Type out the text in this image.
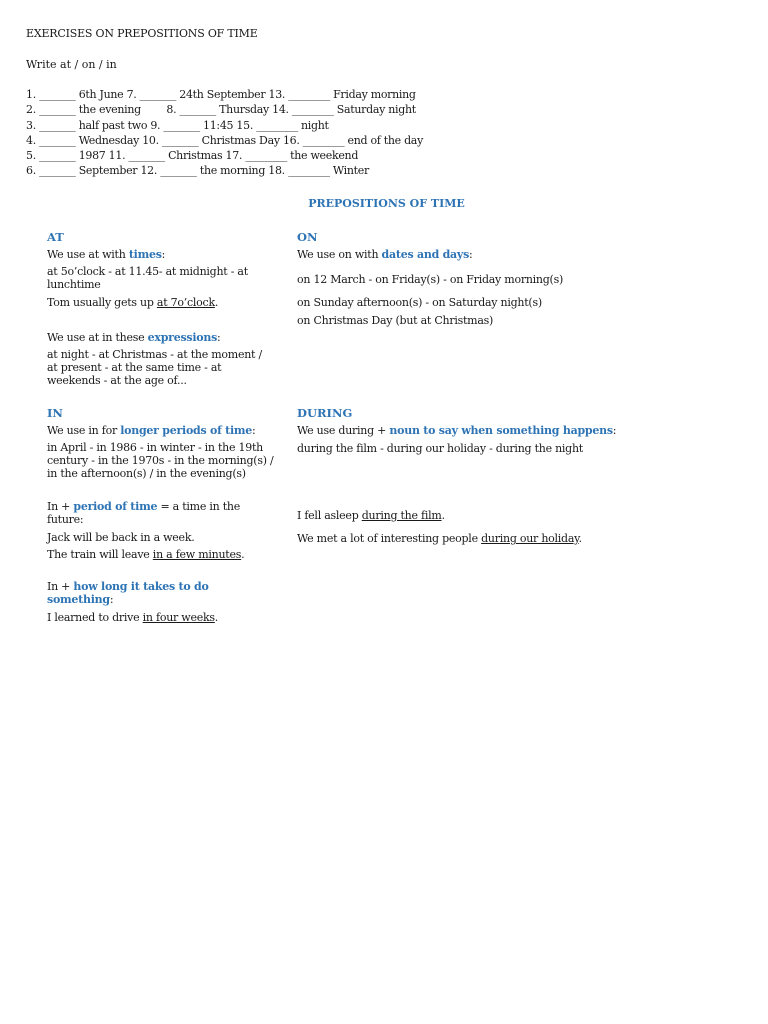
EXERCISES ON PREPOSITIONS OF TIME
Write at / on / in
1. _______ 6th June 7. _______ 24th September 13. ________ Friday morning
2. _______ the evening        8. _______ Thursday 14. ________ Saturday night
3. _______ half past two 9. _______ 11:45 15. ________ night
4. _______ Wednesday 10. _______ Christmas Day 16. ________ end of the day
5. _______ 1987 11. _______ Christmas 17. ________ the weekend
6. _______ September 12. _______ the morning 18. ________ Winter
PREPOSITIONS OF TIME
AT
We use at with times:
at 5o’clock - at 11.45- at midnight - at lunchtime
Tom usually gets up at 7o’clock.
We use at in these expressions:
at night - at Christmas - at the moment / at present - at the same time - at weekends - at the age of...
ON
We use on with dates and days:
on 12 March - on Friday(s) - on Friday morning(s)
on Sunday afternoon(s) - on Saturday night(s)
on Christmas Day (but at Christmas)
IN
We use in for longer periods of time:
in April - in 1986 - in winter - in the 19th century - in the 1970s - in the morning(s) / in the afternoon(s) / in the evening(s)
In + period of time = a time in the future:
Jack will be back in a week.
The train will leave in a few minutes.
In + how long it takes to do something:
I learned to drive in four weeks.
DURING
We use during + noun to say when something happens:
during the film - during our holiday - during the night
I fell asleep during the film.
We met a lot of interesting people during our holiday.
